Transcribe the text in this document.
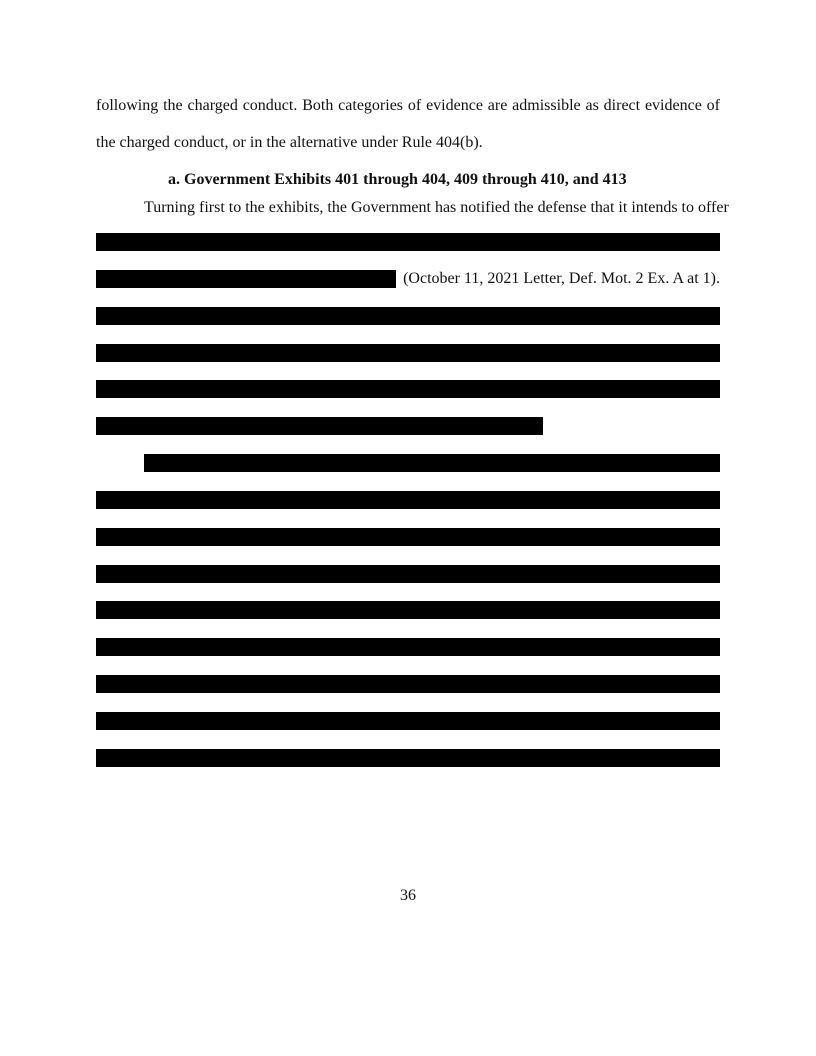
following the charged conduct. Both categories of evidence are admissible as direct evidence of
the charged conduct, or in the alternative under Rule 404(b).
a. Government Exhibits 401 through 404, 409 through 410, and 413
Turning first to the exhibits, the Government has notified the defense that it intends to offer
(October 11, 2021 Letter, Def. Mot. 2 Ex. A at 1).
36
